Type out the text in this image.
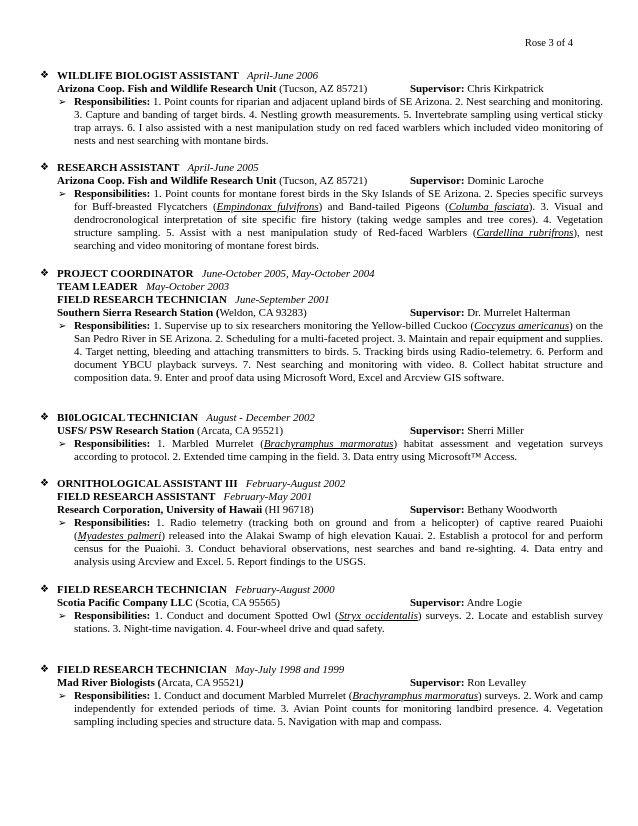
Rose 3 of 4
❖ WILDLIFE BIOLOGIST ASSISTANT April-June 2006
Arizona Coop. Fish and Wildlife Research Unit (Tucson, AZ 85721)	Supervisor: Chris Kirkpatrick
➢ Responsibilities: 1. Point counts for riparian and adjacent upland birds of SE Arizona. 2. Nest searching and monitoring. 3. Capture and banding of target birds. 4. Nestling growth measurements. 5. Invertebrate sampling using vertical sticky trap arrays. 6. I also assisted with a nest manipulation study on red faced warblers which included video monitoring of nests and nest searching with montane birds.

❖ RESEARCH ASSISTANT April-June 2005
Arizona Coop. Fish and Wildlife Research Unit (Tucson, AZ 85721)	Supervisor: Dominic Laroche
➢ Responsibilities: 1. Point counts for montane forest birds in the Sky Islands of SE Arizona. 2. Species specific surveys for Buff-breasted Flycatchers (Empindonax fulvifrons) and Band-tailed Pigeons (Columba fasciata). 3. Visual and dendrocronological interpretation of site specific fire history (taking wedge samples and tree cores). 4. Vegetation structure sampling. 5. Assist with a nest manipulation study of Red-faced Warblers (Cardellina rubrifrons), nest searching and video monitoring of montane forest birds.

❖ PROJECT COORDINATOR June-October 2005, May-October 2004
TEAM LEADER May-October 2003
FIELD RESEARCH TECHNICIAN June-September 2001
Southern Sierra Research Station (Weldon, CA 93283)	Supervisor: Dr. Murrelet Halterman
➢ Responsibilities: 1. Supervise up to six researchers monitoring the Yellow-billed Cuckoo (Coccyzus americanus) on the San Pedro River in SE Arizona. 2. Scheduling for a multi-faceted project. 3. Maintain and repair equipment and supplies. 4. Target netting, bleeding and attaching transmitters to birds. 5. Tracking birds using Radio-telemetry. 6. Perform and document YBCU playback surveys. 7. Nest searching and monitoring with video. 8. Collect habitat structure and composition data. 9. Enter and proof data using Microsoft Word, Excel and Arcview GIS software.

❖ BI0LOGICAL TECHNICIAN August - December 2002
USFS/ PSW Research Station (Arcata, CA 95521)	Supervisor: Sherri Miller
➢ Responsibilities: 1. Marbled Murrelet (Brachyramphus marmoratus) habitat assessment and vegetation surveys according to protocol. 2. Extended time camping in the field. 3. Data entry using Microsoft™ Access.

❖ ORNITHOLOGICAL ASSISTANT III February-August 2002
FIELD RESEARCH ASSISTANT February-May 2001
Research Corporation, University of Hawaii (HI 96718)	Supervisor: Bethany Woodworth
➢ Responsibilities: 1. Radio telemetry (tracking both on ground and from a helicopter) of captive reared Puaiohi (Myadestes palmeri) released into the Alakai Swamp of high elevation Kauai. 2. Establish a protocol for and perform census for the Puaiohi. 3. Conduct behavioral observations, nest searches and band re-sighting. 4. Data entry and analysis using Arcview and Excel. 5. Report findings to the USGS.

❖ FIELD RESEARCH TECHNICIAN February-August 2000
Scotia Pacific Company LLC (Scotia, CA 95565)	Supervisor: Andre Logie
➢ Responsibilities: 1. Conduct and document Spotted Owl (Stryx occidentalis) surveys. 2. Locate and establish survey stations. 3. Night-time navigation. 4. Four-wheel drive and quad safety.

❖ FIELD RESEARCH TECHNICIAN May-July 1998 and 1999
Mad River Biologists (Arcata, CA 95521)	Supervisor: Ron Levalley
➢ Responsibilities: 1. Conduct and document Marbled Murrelet (Brachyramphus marmoratus) surveys. 2. Work and camp independently for extended periods of time. 3. Avian Point counts for monitoring landbird presence. 4. Vegetation sampling including species and structure data. 5. Navigation with map and compass.
